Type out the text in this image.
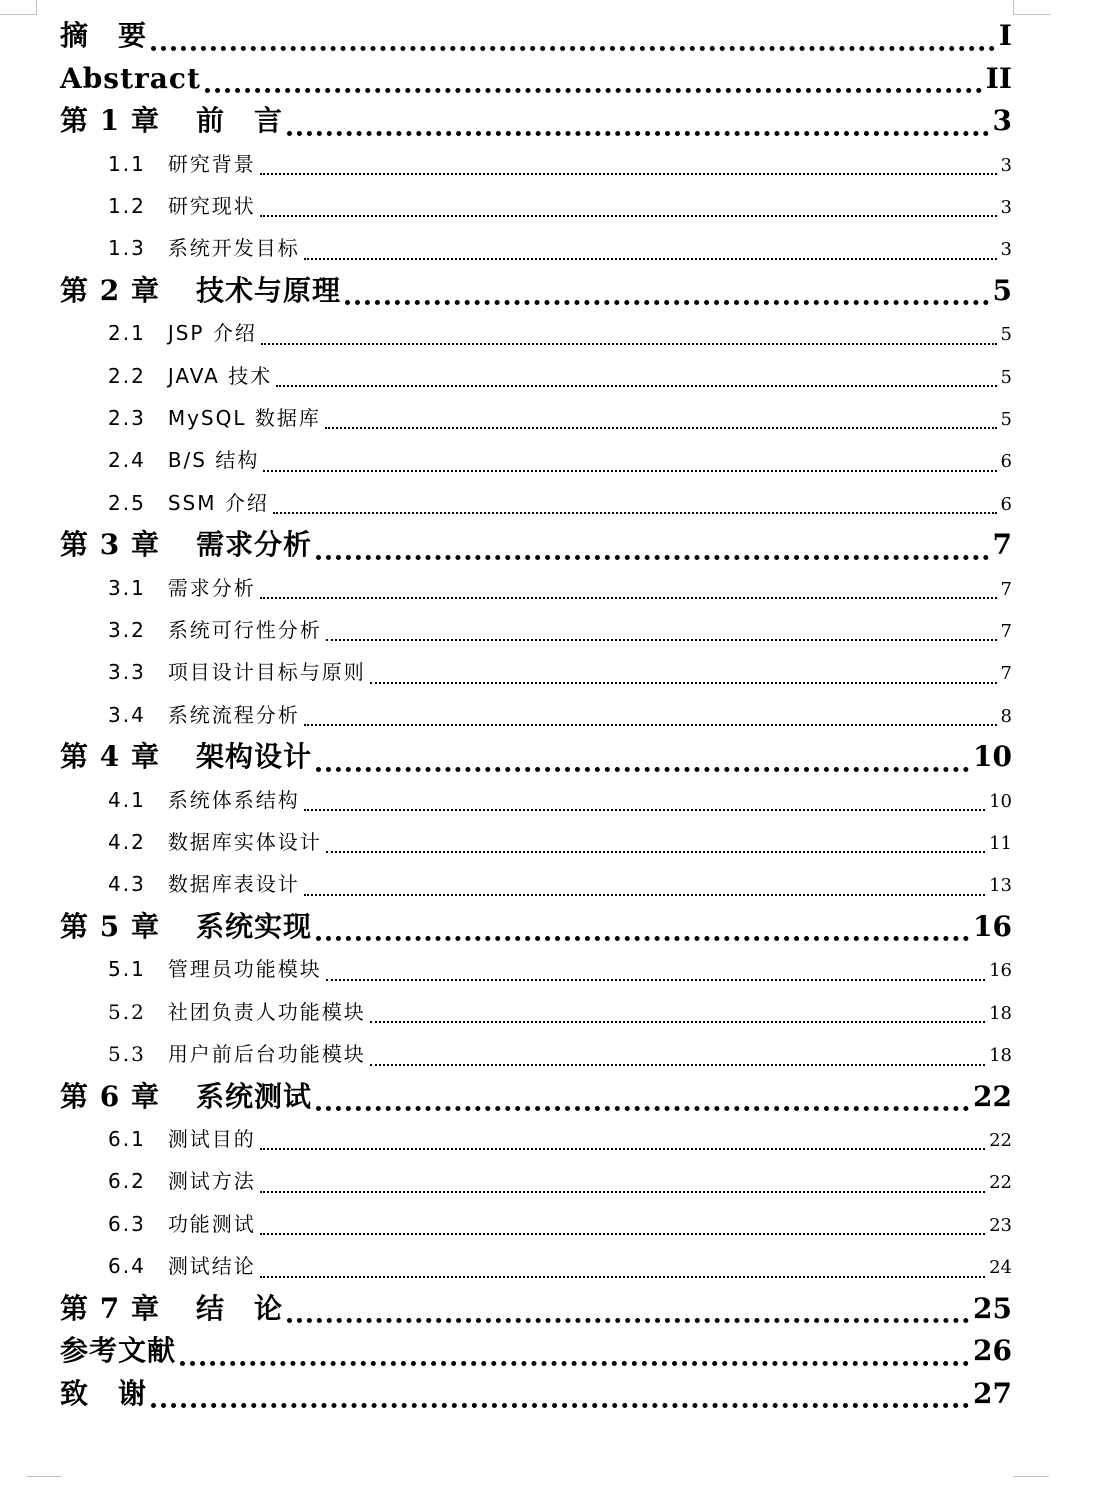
摘　要	I
Abstract	II
第 1 章 前　言	3
1.1 研究背景	3
1.2 研究现状	3
1.3 系统开发目标	3
第 2 章 技术与原理	5
2.1 JSP 介绍	5
2.2 JAVA 技术	5
2.3 MySQL 数据库	5
2.4 B/S 结构	6
2.5 SSM 介绍	6
第 3 章 需求分析	7
3.1 需求分析	7
3.2 系统可行性分析	7
3.3 项目设计目标与原则	7
3.4 系统流程分析	8
第 4 章 架构设计	10
4.1 系统体系结构	10
4.2 数据库实体设计	11
4.3 数据库表设计	13
第 5 章 系统实现	16
5.1 管理员功能模块	16
5.2 社团负责人功能模块	18
5.3 用户前后台功能模块	18
第 6 章 系统测试	22
6.1 测试目的	22
6.2 测试方法	22
6.3 功能测试	23
6.4 测试结论	24
第 7 章 结　论	25
参考文献	26
致　谢	27
